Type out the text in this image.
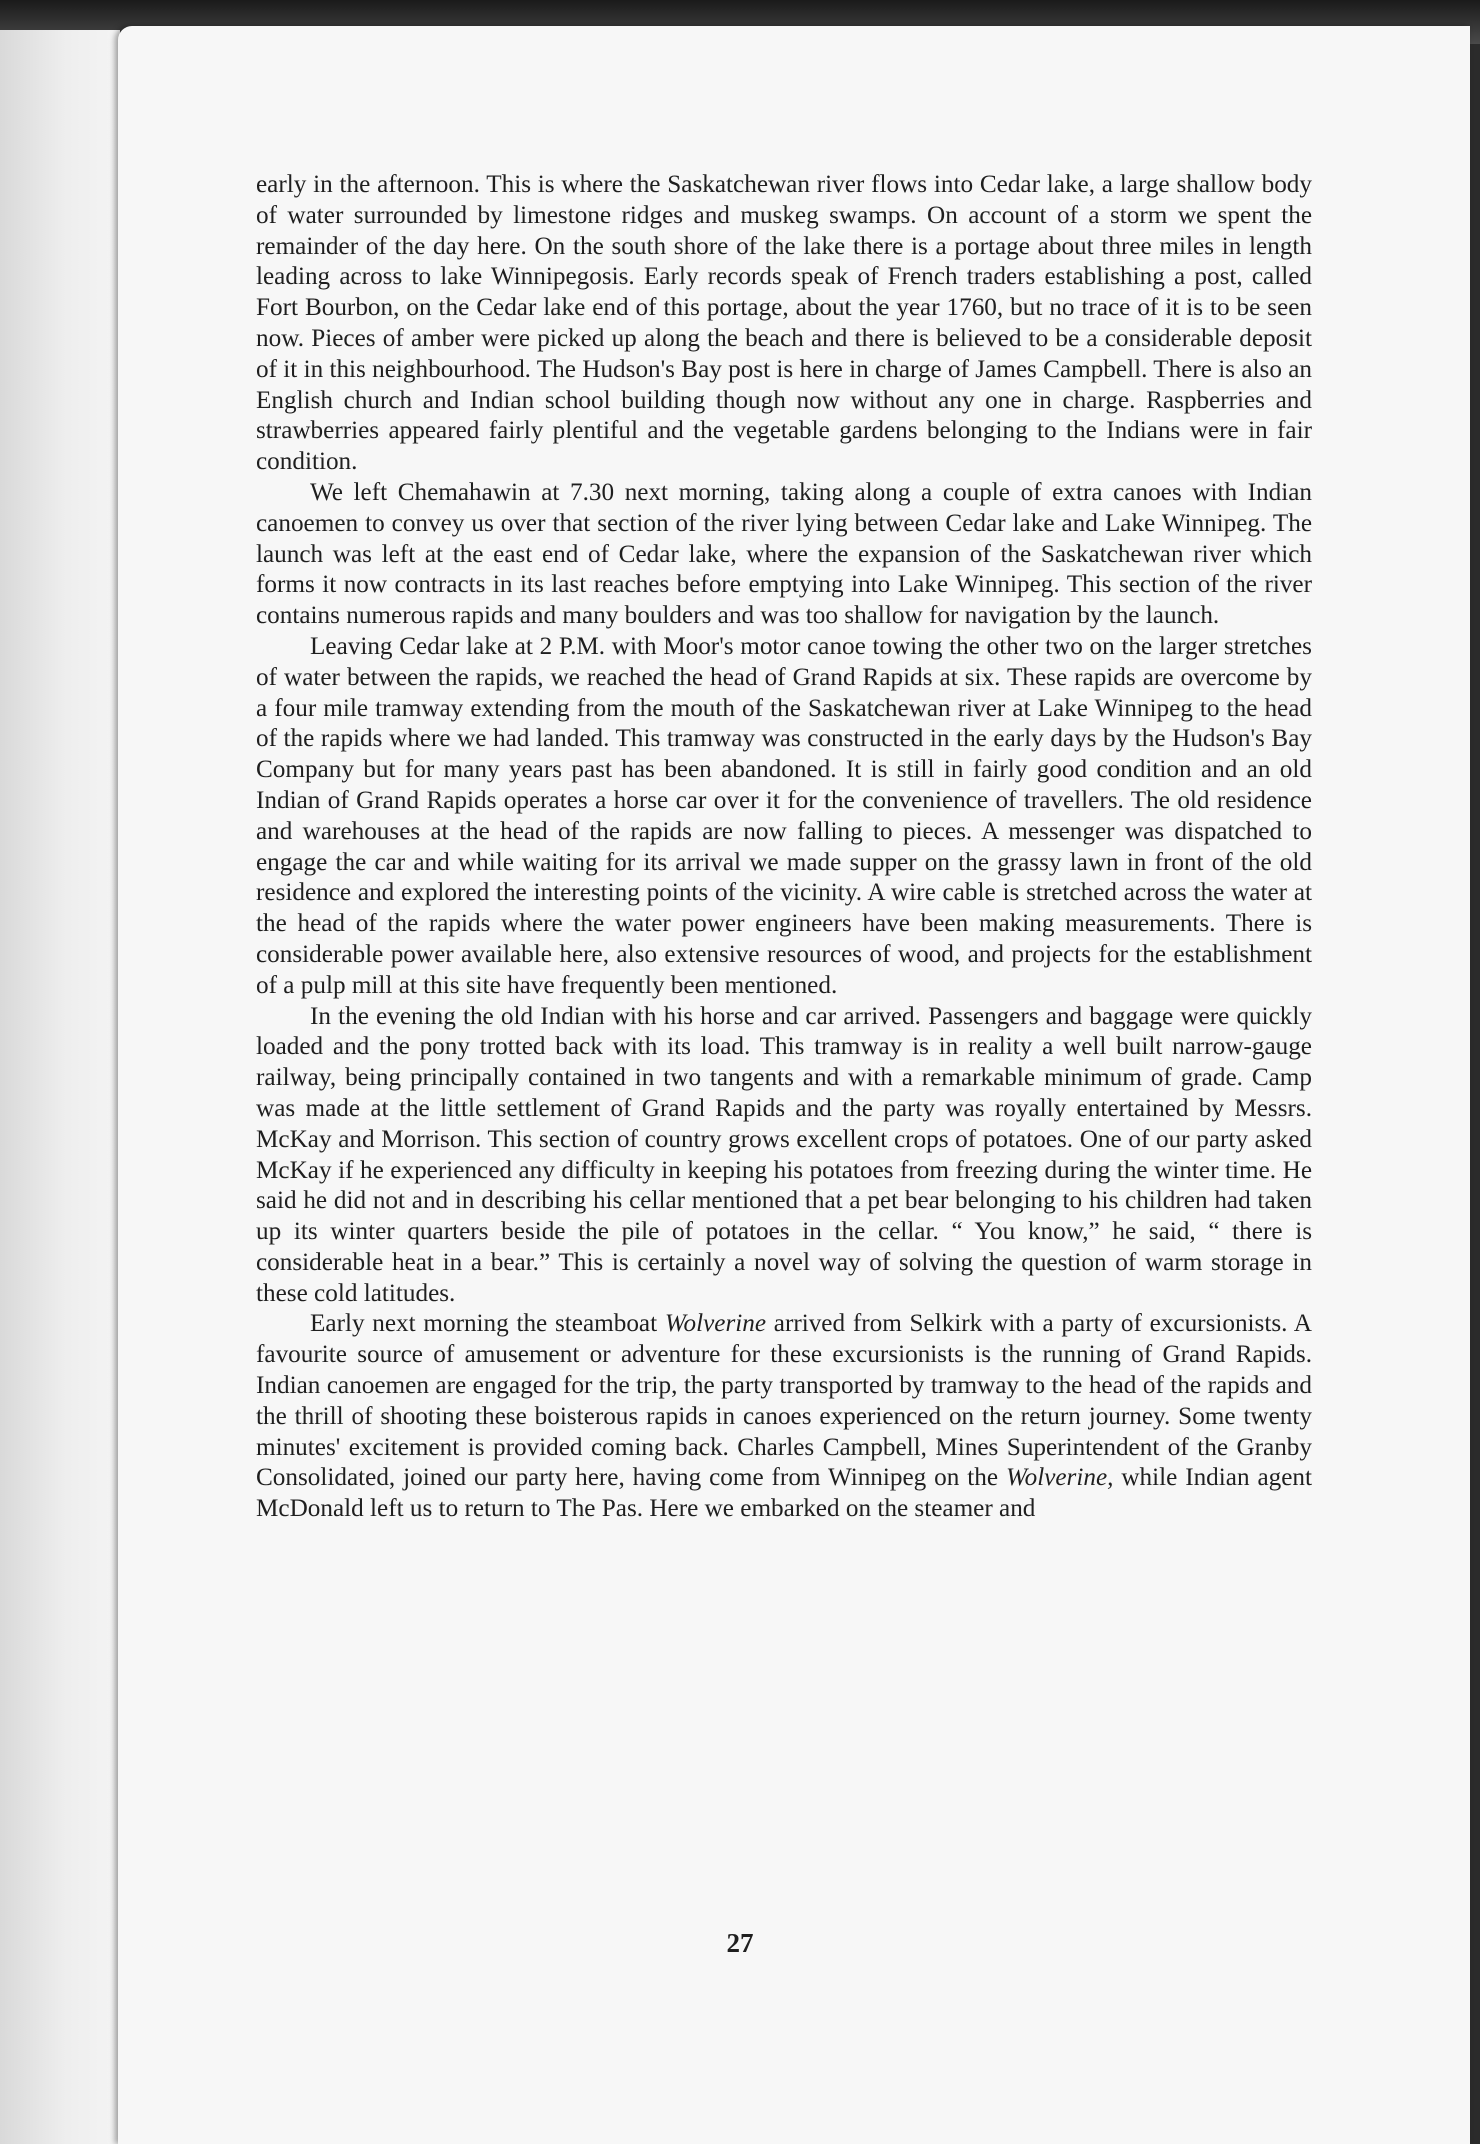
early in the afternoon. This is where the Saskatchewan river flows into Cedar lake, a large shallow body of water surrounded by limestone ridges and muskeg swamps. On account of a storm we spent the remainder of the day here. On the south shore of the lake there is a portage about three miles in length leading across to lake Winnipegosis. Early records speak of French traders establishing a post, called Fort Bourbon, on the Cedar lake end of this portage, about the year 1760, but no trace of it is to be seen now. Pieces of amber were picked up along the beach and there is believed to be a considerable deposit of it in this neighbourhood. The Hudson's Bay post is here in charge of James Campbell. There is also an English church and Indian school building though now without any one in charge. Raspberries and strawberries appeared fairly plentiful and the vegetable gardens belonging to the Indians were in fair condition.

We left Chemahawin at 7.30 next morning, taking along a couple of extra canoes with Indian canoemen to convey us over that section of the river lying between Cedar lake and Lake Winnipeg. The launch was left at the east end of Cedar lake, where the expansion of the Saskatchewan river which forms it now contracts in its last reaches before emptying into Lake Winnipeg. This section of the river contains numerous rapids and many boulders and was too shallow for navigation by the launch.

Leaving Cedar lake at 2 P.M. with Moor's motor canoe towing the other two on the larger stretches of water between the rapids, we reached the head of Grand Rapids at six. These rapids are overcome by a four mile tramway extending from the mouth of the Saskatchewan river at Lake Winnipeg to the head of the rapids where we had landed. This tramway was constructed in the early days by the Hudson's Bay Company but for many years past has been abandoned. It is still in fairly good condition and an old Indian of Grand Rapids operates a horse car over it for the convenience of travellers. The old residence and warehouses at the head of the rapids are now falling to pieces. A messenger was dispatched to engage the car and while waiting for its arrival we made supper on the grassy lawn in front of the old residence and explored the interesting points of the vicinity. A wire cable is stretched across the water at the head of the rapids where the water power engineers have been making measurements. There is considerable power available here, also extensive resources of wood, and projects for the establishment of a pulp mill at this site have frequently been mentioned.

In the evening the old Indian with his horse and car arrived. Passengers and baggage were quickly loaded and the pony trotted back with its load. This tramway is in reality a well built narrow-gauge railway, being principally contained in two tangents and with a remarkable minimum of grade. Camp was made at the little settlement of Grand Rapids and the party was royally entertained by Messrs. McKay and Morrison. This section of country grows excellent crops of potatoes. One of our party asked McKay if he experienced any difficulty in keeping his potatoes from freezing during the winter time. He said he did not and in describing his cellar mentioned that a pet bear belonging to his children had taken up its winter quarters beside the pile of potatoes in the cellar. “ You know,” he said, “ there is considerable heat in a bear.” This is certainly a novel way of solving the question of warm storage in these cold latitudes.

Early next morning the steamboat Wolverine arrived from Selkirk with a party of excursionists. A favourite source of amusement or adventure for these excursionists is the running of Grand Rapids. Indian canoemen are engaged for the trip, the party transported by tramway to the head of the rapids and the thrill of shooting these boisterous rapids in canoes experienced on the return journey. Some twenty minutes' excitement is provided coming back. Charles Campbell, Mines Superintendent of the Granby Consolidated, joined our party here, having come from Winnipeg on the Wolverine, while Indian agent McDonald left us to return to The Pas. Here we embarked on the steamer and

27
